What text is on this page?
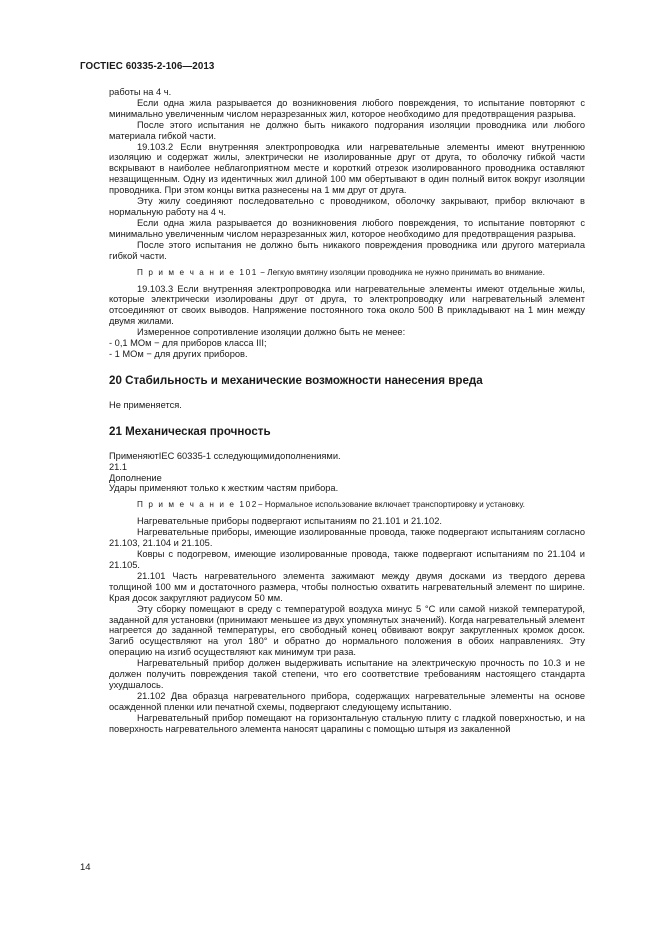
ГОСТIEC 60335-2-106—2013

работы на 4 ч.

Если одна жила разрывается до возникновения любого повреждения, то испытание повторяют с минимально увеличенным числом неразрезанных жил, которое необходимо для предотвращения разрыва.

После этого испытания не должно быть никакого подгорания изоляции проводника или любого материала гибкой части.

19.103.2 Если внутренняя электропроводка или нагревательные элементы имеют внутреннюю изоляцию и содержат жилы, электрически не изолированные друг от друга, то оболочку гибкой части вскрывают в наиболее неблагоприятном месте и короткий отрезок изолированного проводника оставляют незащищенным. Одну из идентичных жил длиной 100 мм обертывают в один полный виток вокруг изоляции проводника. При этом концы витка разнесены на 1 мм друг от друга.

Эту жилу соединяют последовательно с проводником, оболочку закрывают, прибор включают в нормальную работу на 4 ч.

Если одна жила разрывается до возникновения любого повреждения, то испытание повторяют с минимально увеличенным числом неразрезанных жил, которое необходимо для предотвращения разрыва.

После этого испытания не должно быть никакого повреждения проводника или другого материала гибкой части.

П р и м е ч а н и е 101 − Легкую вмятину изоляции проводника не нужно принимать во внимание.

19.103.3 Если внутренняя электропроводка или нагревательные элементы имеют отдельные жилы, которые электрически изолированы друг от друга, то электропроводку или нагревательный элемент отсоединяют от своих выводов. Напряжение постоянного тока около 500 В прикладывают на 1 мин между двумя жилами.

Измеренное сопротивление изоляции должно быть не менее:

- 0,1 МОм − для приборов класса III;

- 1 МОм − для других приборов.

20 Стабильность и механические возможности нанесения вреда

Не применяется.

21 Механическая прочность

ПрименяютIEC 60335-1 сследующимидополнениями.

21.1

Дополнение

Удары применяют только к жестким частям прибора.

П р и м е ч а н и е 102− Нормальное использование включает транспортировку и установку.

Нагревательные приборы подвергают испытаниям по 21.101 и 21.102.

Нагревательные приборы, имеющие изолированные провода, также подвергают испытаниям согласно 21.103, 21.104 и 21.105.

Ковры с подогревом, имеющие изолированные провода, также подвергают испытаниям по 21.104 и 21.105.

21.101 Часть нагревательного элемента зажимают между двумя досками из твердого дерева толщиной 100 мм и достаточного размера, чтобы полностью охватить нагревательный элемент по ширине. Края досок закругляют радиусом 50 мм.

Эту сборку помещают в среду с температурой воздуха минус 5 °С или самой низкой температурой, заданной для установки (принимают меньшее из двух упомянутых значений). Когда нагревательный элемент нагреется до заданной температуры, его свободный конец обвивают вокруг закругленных кромок досок. Загиб осуществляют на угол 180° и обратно до нормального положения в обоих направлениях. Эту операцию на изгиб осуществляют как минимум три раза.

Нагревательный прибор должен выдерживать испытание на электрическую прочность по 10.3 и не должен получить повреждения такой степени, что его соответствие требованиям настоящего стандарта ухудшалось.

21.102 Два образца нагревательного прибора, содержащих нагревательные элементы на основе осажденной пленки или печатной схемы, подвергают следующему испытанию.

Нагревательный прибор помещают на горизонтальную стальную плиту с гладкой поверхностью, и на поверхность нагревательного элемента наносят царапины с помощью штыря из закаленной

14
